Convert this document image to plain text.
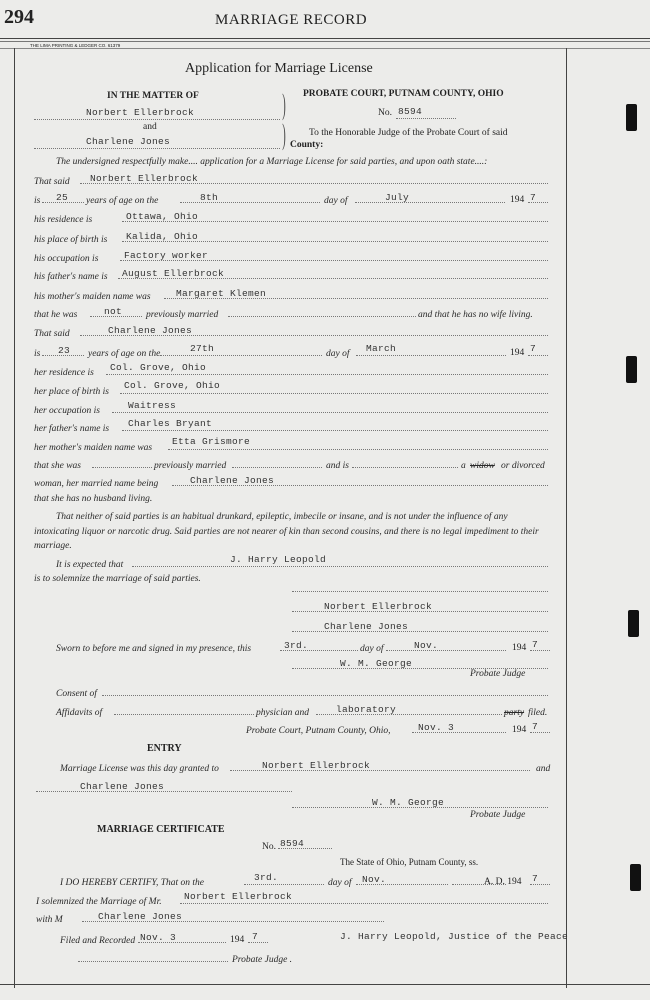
294	MARRIAGE RECORD
THE LIMA PRINTING & LEDGER CO. 61379
Application for Marriage License
IN THE MATTER OF
Norbert Ellerbrock
and
Charlene Jones
)
)
PROBATE COURT, PUTNAM COUNTY, OHIO
No. 8594
To the Honorable Judge of the Probate Court of said
County:
The undersigned respectfully make.... application for a Marriage License for said parties, and upon oath state....:
That said Norbert Ellerbrock
is 25 years of age on the	8th	day of	July	194 7
his residence is	Ottawa, Ohio
his place of birth is Kalida, Ohio
his occupation is	Factory worker
his father's name is August Ellerbrock
his mother's maiden name was	Margaret Klemen
that he was	not	previously married	and that he has no wife living.
That said	Charlene Jones
is 23 years of age on the	27th	day of March	194 7
her residence is Col. Grove, Ohio
her place of birth is
Col. Grove, Ohio
her occupation is	Waitress
her father's name is Charles Bryant
her mother's maiden name was
Etta Grismore
that she was	previously married	and is	a widow or divorced
woman, her married name being	Charlene Jones
that she has no husband living.
That neither of said parties is an habitual drunkard, epileptic, imbecile or insane, and is not under the influence of any intoxicating liquor or narcotic drug. Said parties are not nearer of kin than second cousins, and there is no legal impediment to their marriage.
It is expected that	J. Harry Leopold
is to solemnize the marriage of said parties.
Norbert Ellerbrock
Charlene Jones
Sworn to before me and signed in my presence, this	3rd.	day of	Nov.	194 7
W. M. George
Probate Judge
Consent of
Affidavits of	physician and	laboratory	party filed.
Probate Court, Putnam County, Ohio,	Nov. 3	194 7
ENTRY
Marriage License was this day granted to	Norbert Ellerbrock	and
Charlene Jones
W. M. George
Probate Judge
MARRIAGE CERTIFICATE
No. 8594
The State of Ohio, Putnam County, ss.
I DO HEREBY CERTIFY, That on the	3rd.	day of Nov.	A. D. 194 7
I solemnized the Marriage of Mr. Norbert Ellerbrock
with M	Charlene Jones
Filed and Recorded Nov. 3	194 7	J. Harry Leopold, Justice of the Peace
Probate Judge .
